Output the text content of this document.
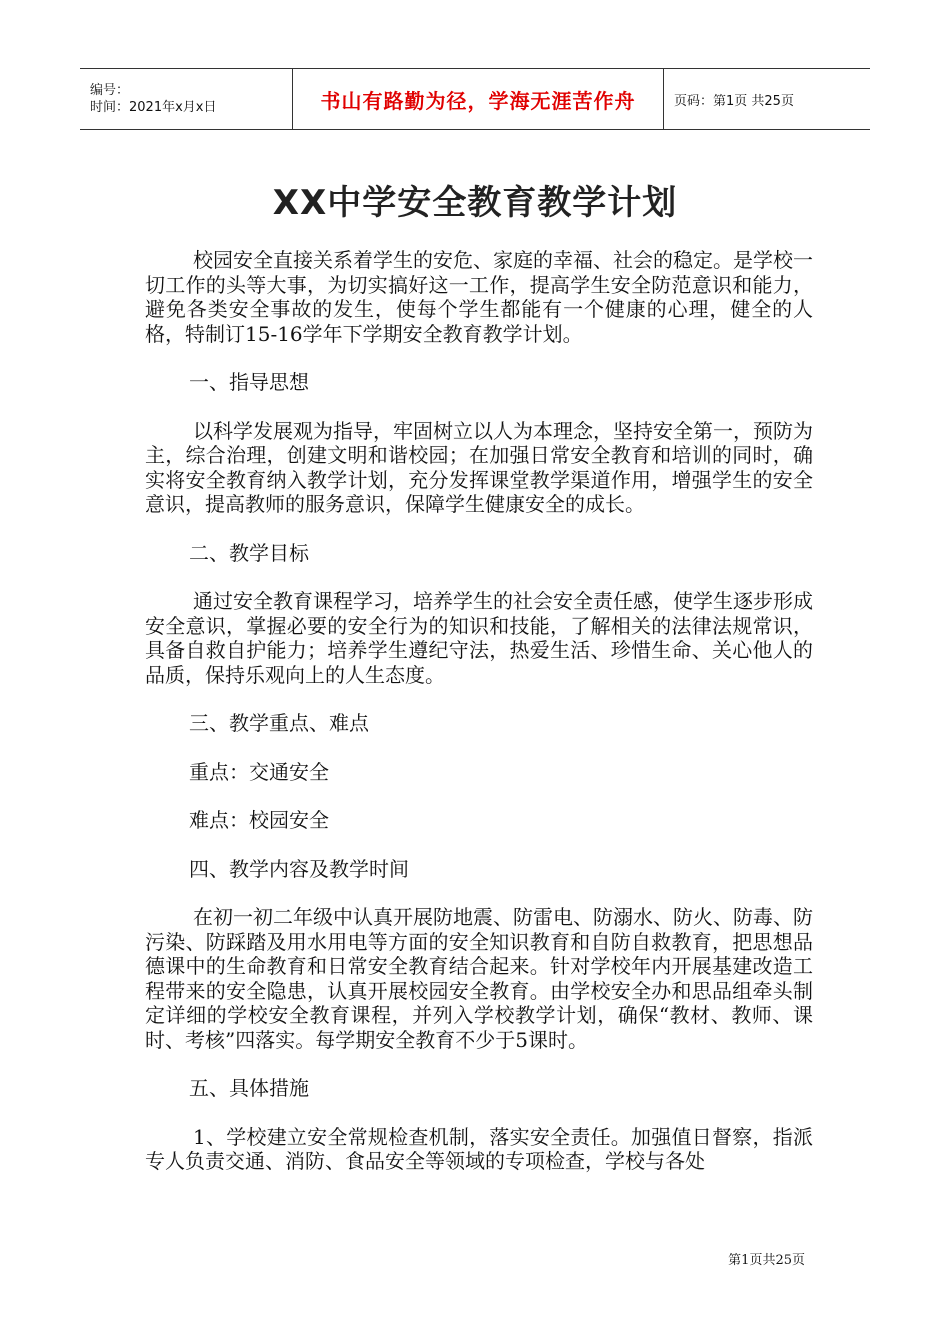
编号：
时间：2021年x月x日	书山有路勤为径，学海无涯苦作舟	页码：第1页 共25页
XX中学安全教育教学计划

校园安全直接关系着学生的安危、家庭的幸福、社会的稳定。是学校一切工作的头等大事，为切实搞好这一工作，提高学生安全防范意识和能力，避免各类安全事故的发生，使每个学生都能有一个健康的心理，健全的人格，特制订15-16学年下学期安全教育教学计划。

一、指导思想

以科学发展观为指导，牢固树立以人为本理念，坚持安全第一，预防为主，综合治理，创建文明和谐校园；在加强日常安全教育和培训的同时，确实将安全教育纳入教学计划，充分发挥课堂教学渠道作用，增强学生的安全意识，提高教师的服务意识，保障学生健康安全的成长。

二、教学目标

通过安全教育课程学习，培养学生的社会安全责任感，使学生逐步形成安全意识，掌握必要的安全行为的知识和技能，了解相关的法律法规常识，具备自救自护能力；培养学生遵纪守法，热爱生活、珍惜生命、关心他人的品质，保持乐观向上的人生态度。

三、教学重点、难点

重点：交通安全

难点：校园安全

四、教学内容及教学时间

在初一初二年级中认真开展防地震、防雷电、防溺水、防火、防毒、防污染、防踩踏及用水用电等方面的安全知识教育和自防自救教育，把思想品德课中的生命教育和日常安全教育结合起来。针对学校年内开展基建改造工程带来的安全隐患，认真开展校园安全教育。由学校安全办和思品组牵头制定详细的学校安全教育课程，并列入学校教学计划，确保“教材、教师、课时、考核”四落实。每学期安全教育不少于5课时。

五、具体措施

1、学校建立安全常规检查机制，落实安全责任。加强值日督察，指派专人负责交通、消防、食品安全等领域的专项检查，学校与各处

第1页共25页
